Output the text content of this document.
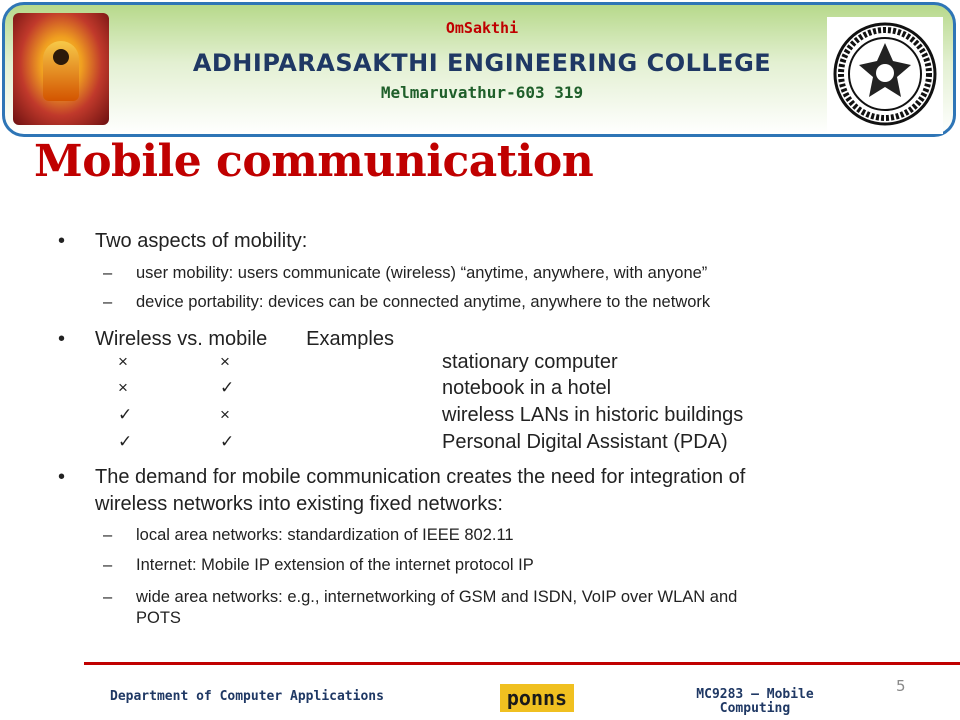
OmSakthi
ADHIPARASAKTHI ENGINEERING COLLEGE
Melmaruvathur-603 319
Mobile communication
• Two aspects of mobility:
– user mobility: users communicate (wireless) “anytime, anywhere, with anyone”
– device portability: devices can be connected anytime, anywhere to the network
• Wireless vs. mobile       Examples
×	×	stationary computer
×	✓	notebook in a hotel
✓	×	wireless LANs in historic buildings
✓	✓	Personal Digital Assistant (PDA)
• The demand for mobile communication creates the need for integration of
wireless networks into existing fixed networks:
– local area networks: standardization of IEEE 802.11
– Internet: Mobile IP extension of the internet protocol IP
– wide area networks: e.g., internetworking of GSM and ISDN, VoIP over WLAN and
POTS
Department of Computer Applications	ponns	MC9283 – Mobile
Computing
5
